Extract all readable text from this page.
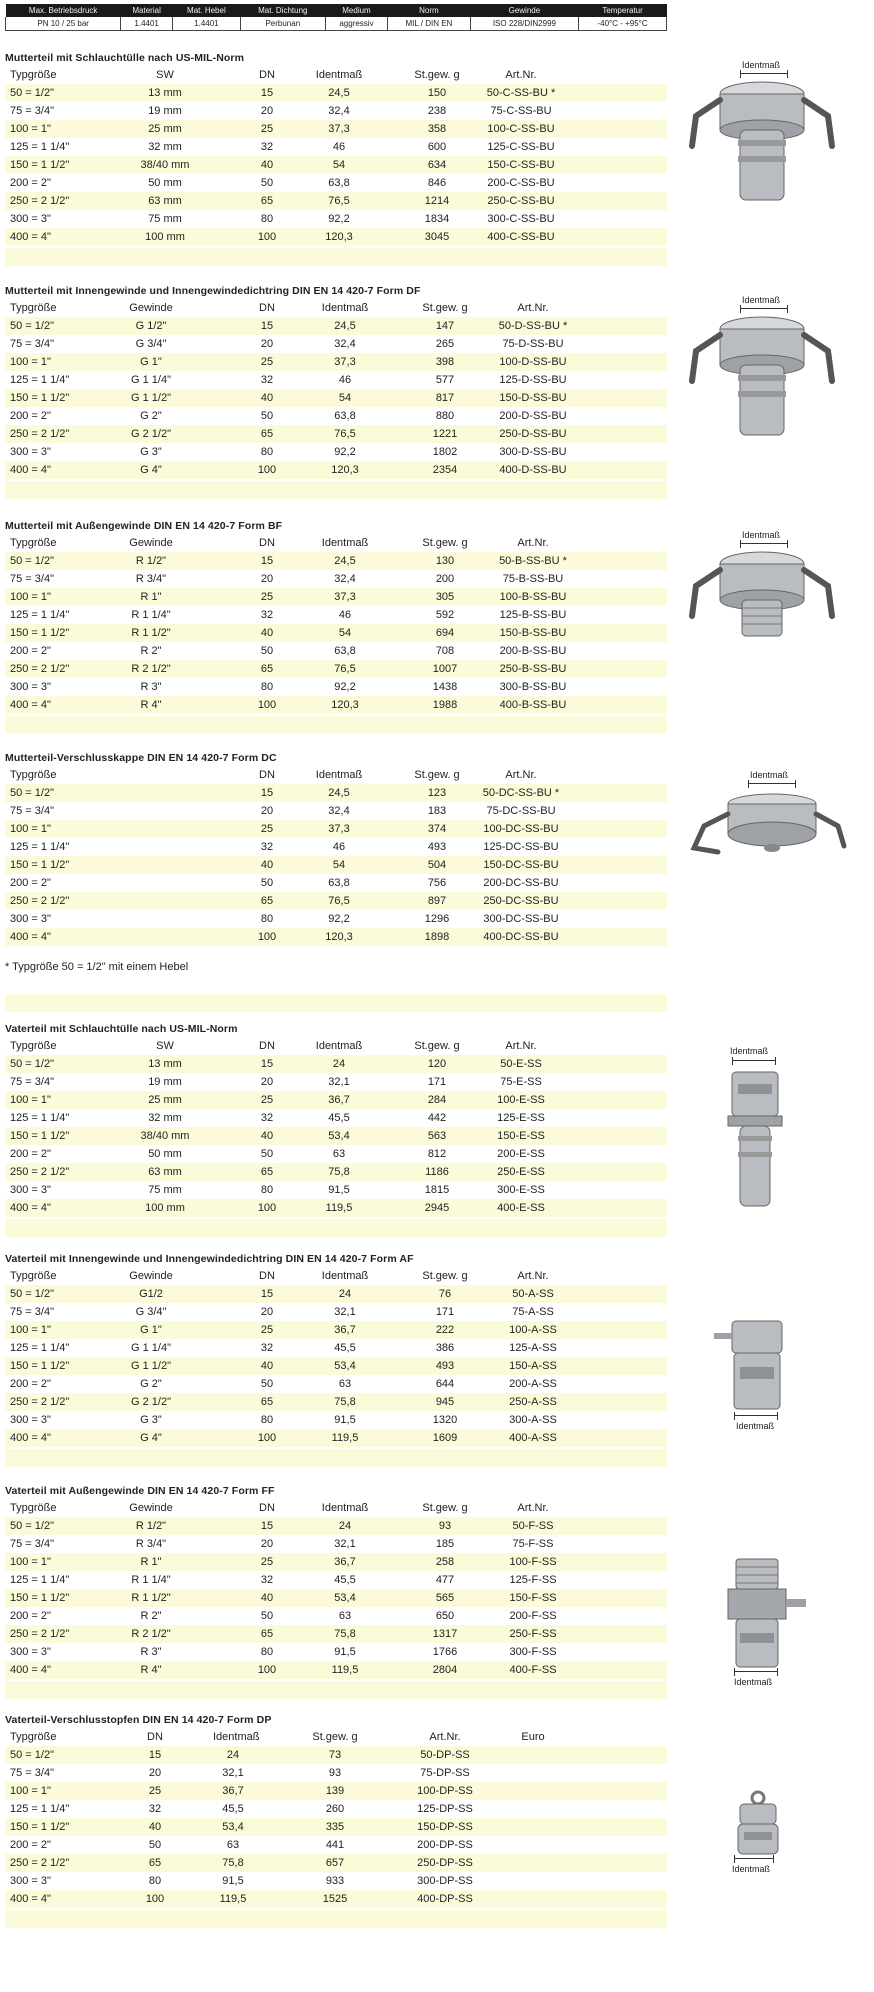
Max. Betriebsdruck	Material	Mat. Hebel	Mat. Dichtung	Medium	Norm	Gewinde	Temperatur
PN 10 / 25 bar	1.4401	1.4401	Perbunan	aggressiv	MIL / DIN EN	ISO 228/DIN2999	-40°C - +95°C
Mutterteil mit Schlauchtülle nach US-MIL-Norm
Typgröße	SW	DN	Identmaß	St.gew. g	Art.Nr.
50 = 1/2"	13 mm	15	24,5	150	50-C-SS-BU *
75 = 3/4"	19 mm	20	32,4	238	75-C-SS-BU
100 = 1"	25 mm	25	37,3	358	100-C-SS-BU
125 = 1 1/4"	32 mm	32	46	600	125-C-SS-BU
150 = 1 1/2"	38/40 mm	40	54	634	150-C-SS-BU
200 = 2"	50 mm	50	63,8	846	200-C-SS-BU
250 = 2 1/2"	63 mm	65	76,5	1214	250-C-SS-BU
300 = 3"	75 mm	80	92,2	1834	300-C-SS-BU
400 = 4"	100 mm	100	120,3	3045	400-C-SS-BU
Mutterteil mit Innengewinde und Innengewindedichtring DIN EN 14 420-7 Form DF
Typgröße	Gewinde	DN	Identmaß	St.gew. g	Art.Nr.
50 = 1/2"	G 1/2"	15	24,5	147	50-D-SS-BU *
75 = 3/4"	G 3/4"	20	32,4	265	75-D-SS-BU
100 = 1"	G 1"	25	37,3	398	100-D-SS-BU
125 = 1 1/4"	G 1 1/4"	32	46	577	125-D-SS-BU
150 = 1 1/2"	G 1 1/2"	40	54	817	150-D-SS-BU
200 = 2"	G 2"	50	63,8	880	200-D-SS-BU
250 = 2 1/2"	G 2 1/2"	65	76,5	1221	250-D-SS-BU
300 = 3"	G 3"	80	92,2	1802	300-D-SS-BU
400 = 4"	G 4"	100	120,3	2354	400-D-SS-BU
Mutterteil mit Außengewinde DIN EN 14 420-7 Form BF
Typgröße	Gewinde	DN	Identmaß	St.gew. g	Art.Nr.
50 = 1/2"	R 1/2"	15	24,5	130	50-B-SS-BU *
75 = 3/4"	R 3/4"	20	32,4	200	75-B-SS-BU
100 = 1"	R 1"	25	37,3	305	100-B-SS-BU
125 = 1 1/4"	R 1 1/4"	32	46	592	125-B-SS-BU
150 = 1 1/2"	R 1 1/2"	40	54	694	150-B-SS-BU
200 = 2"	R 2"	50	63,8	708	200-B-SS-BU
250 = 2 1/2"	R 2 1/2"	65	76,5	1007	250-B-SS-BU
300 = 3"	R 3"	80	92,2	1438	300-B-SS-BU
400 = 4"	R 4"	100	120,3	1988	400-B-SS-BU
Mutterteil-Verschlusskappe DIN EN 14 420-7 Form DC
Typgröße	DN	Identmaß	St.gew. g	Art.Nr.
50 = 1/2"	15	24,5	123	50-DC-SS-BU *
75 = 3/4"	20	32,4	183	75-DC-SS-BU
100 = 1"	25	37,3	374	100-DC-SS-BU
125 = 1 1/4"	32	46	493	125-DC-SS-BU
150 = 1 1/2"	40	54	504	150-DC-SS-BU
200 = 2"	50	63,8	756	200-DC-SS-BU
250 = 2 1/2"	65	76,5	897	250-DC-SS-BU
300 = 3"	80	92,2	1296	300-DC-SS-BU
400 = 4"	100	120,3	1898	400-DC-SS-BU
* Typgröße 50 = 1/2" mit einem Hebel
Vaterteil mit Schlauchtülle nach US-MIL-Norm
Typgröße	SW	DN	Identmaß	St.gew. g	Art.Nr.
50 = 1/2"	13 mm	15	24	120	50-E-SS
75 = 3/4"	19 mm	20	32,1	171	75-E-SS
100 = 1"	25 mm	25	36,7	284	100-E-SS
125 = 1 1/4"	32 mm	32	45,5	442	125-E-SS
150 = 1 1/2"	38/40 mm	40	53,4	563	150-E-SS
200 = 2"	50 mm	50	63	812	200-E-SS
250 = 2 1/2"	63 mm	65	75,8	1186	250-E-SS
300 = 3"	75 mm	80	91,5	1815	300-E-SS
400 = 4"	100 mm	100	119,5	2945	400-E-SS
Vaterteil mit Innengewinde und Innengewindedichtring DIN EN 14 420-7 Form AF
Typgröße	Gewinde	DN	Identmaß	St.gew. g	Art.Nr.
50 = 1/2"	G1/2	15	24	76	50-A-SS
75 = 3/4"	G 3/4"	20	32,1	171	75-A-SS
100 = 1"	G 1"	25	36,7	222	100-A-SS
125 = 1 1/4"	G 1 1/4"	32	45,5	386	125-A-SS
150 = 1 1/2"	G 1 1/2"	40	53,4	493	150-A-SS
200 = 2"	G 2"	50	63	644	200-A-SS
250 = 2 1/2"	G 2 1/2"	65	75,8	945	250-A-SS
300 = 3"	G 3"	80	91,5	1320	300-A-SS
400 = 4"	G 4"	100	119,5	1609	400-A-SS
Vaterteil mit Außengewinde DIN EN 14 420-7 Form FF
Typgröße	Gewinde	DN	Identmaß	St.gew. g	Art.Nr.
50 = 1/2"	R 1/2"	15	24	93	50-F-SS
75 = 3/4"	R 3/4"	20	32,1	185	75-F-SS
100 = 1"	R 1"	25	36,7	258	100-F-SS
125 = 1 1/4"	R 1 1/4"	32	45,5	477	125-F-SS
150 = 1 1/2"	R 1 1/2"	40	53,4	565	150-F-SS
200 = 2"	R 2"	50	63	650	200-F-SS
250 = 2 1/2"	R 2 1/2"	65	75,8	1317	250-F-SS
300 = 3"	R 3"	80	91,5	1766	300-F-SS
400 = 4"	R 4"	100	119,5	2804	400-F-SS
Vaterteil-Verschlusstopfen DIN EN 14 420-7 Form DP
Typgröße	DN	Identmaß	St.gew. g	Art.Nr.	Euro
50 = 1/2"	15	24	73	50-DP-SS
75 = 3/4"	20	32,1	93	75-DP-SS
100 = 1"	25	36,7	139	100-DP-SS
125 = 1 1/4"	32	45,5	260	125-DP-SS
150 = 1 1/2"	40	53,4	335	150-DP-SS
200 = 2"	50	63	441	200-DP-SS
250 = 2 1/2"	65	75,8	657	250-DP-SS
300 = 3"	80	91,5	933	300-DP-SS
400 = 4"	100	119,5	1525	400-DP-SS
Identmaß
Identmaß
Identmaß
Identmaß
Identmaß
Identmaß
Identmaß
Identmaß
